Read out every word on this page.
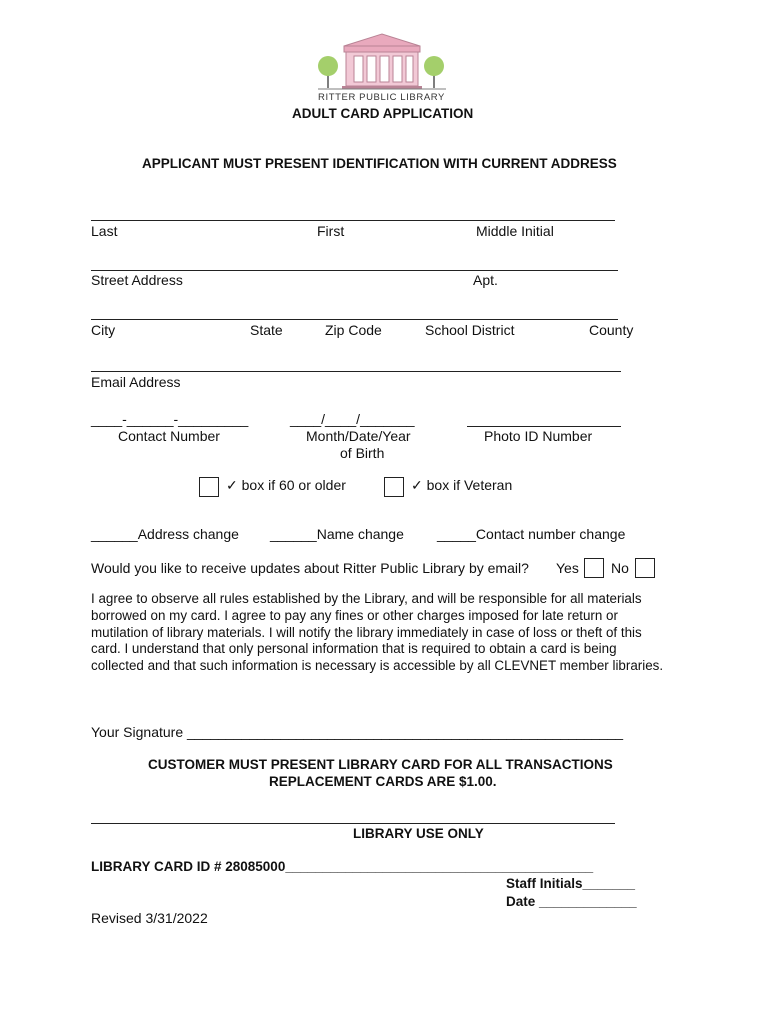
RITTER PUBLIC LIBRARY
ADULT CARD APPLICATION
APPLICANT MUST PRESENT IDENTIFICATION WITH CURRENT ADDRESS
Last	First	Middle Initial
Street Address	Apt.
City	State	Zip Code	School District	County
Email Address
____-______-_________
Contact Number
____/____/_______
Month/Date/Year
of Birth
Photo ID Number
✓ box if 60 or older	✓ box if Veteran
______Address change ______Name change _____Contact number change
Would you like to receive updates about Ritter Public Library by email? Yes No
I agree to observe all rules established by the Library, and will be responsible for all materials borrowed on my card. I agree to pay any fines or other charges imposed for late return or mutilation of library materials. I will notify the library immediately in case of loss or theft of this card. I understand that only personal information that is required to obtain a card is being collected and that such information is necessary is accessible by all CLEVNET member libraries.
Your Signature ________________________________________________________
CUSTOMER MUST PRESENT LIBRARY CARD FOR ALL TRANSACTIONS
REPLACEMENT CARDS ARE $1.00.
LIBRARY USE ONLY
LIBRARY CARD ID # 28085000_________________________________________
Staff Initials_______
Date _____________
Revised 3/31/2022
